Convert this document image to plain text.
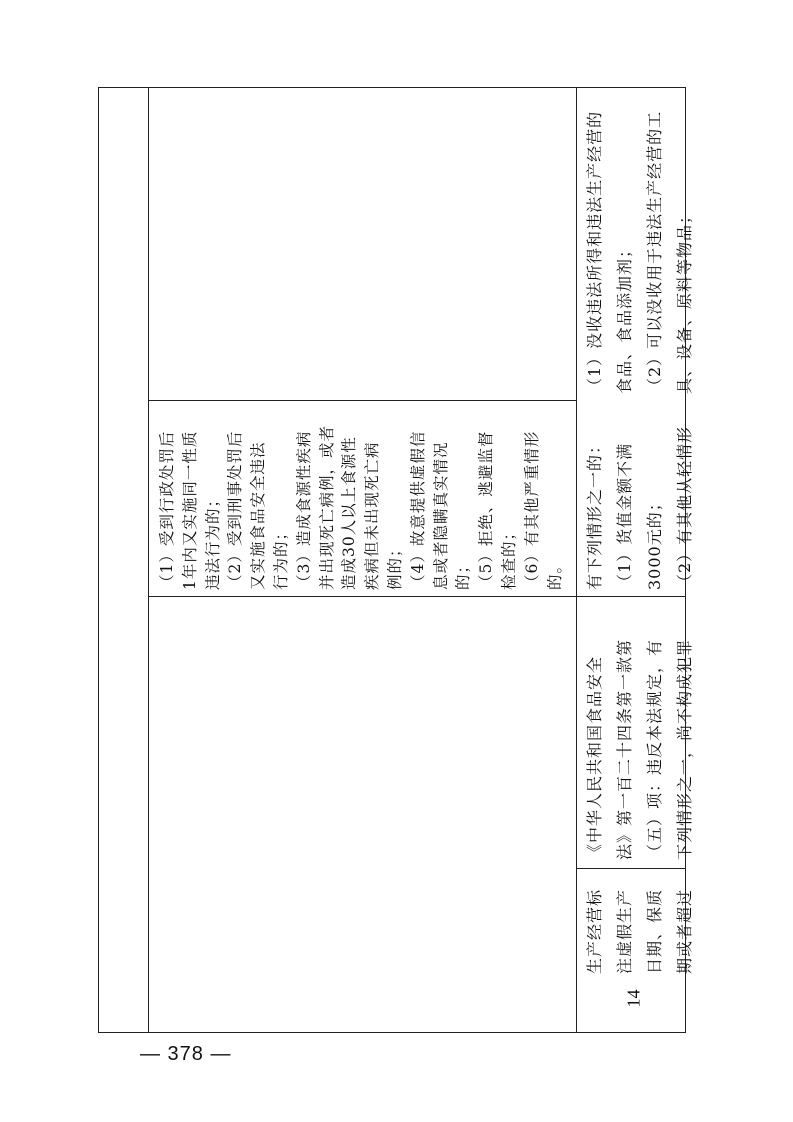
14
生产经营标 注虚假生产 日期、保质 期或者超过
《中华人民共和国食品安全 法》第一百二十四条第一款第 （五）项：违反本法规定，有 下列情形之一，尚不构成犯罪
有下列情形之一的： （1）货值金额不满 3000元的； （2）有其他从轻情形
（1）受到行政处罚后 1年内又实施同一性质 违法行为的； （2）受到刑事处罚后 又实施食品安全违法 行为的； （3）造成食源性疾病 并出现死亡病例，或者 造成30人以上食源性 疾病但未出现死亡病 例的； （4）故意提供虚假信 息或者隐瞒真实情况 的； （5）拒绝、逃避监督 检查的； （6）有其他严重情形 的。
（1）没收违法所得和违法生产经营的 食品、食品添加剂； （2）可以没收用于违法生产经营的工 具、设备、原料等物品；
— 378 —
